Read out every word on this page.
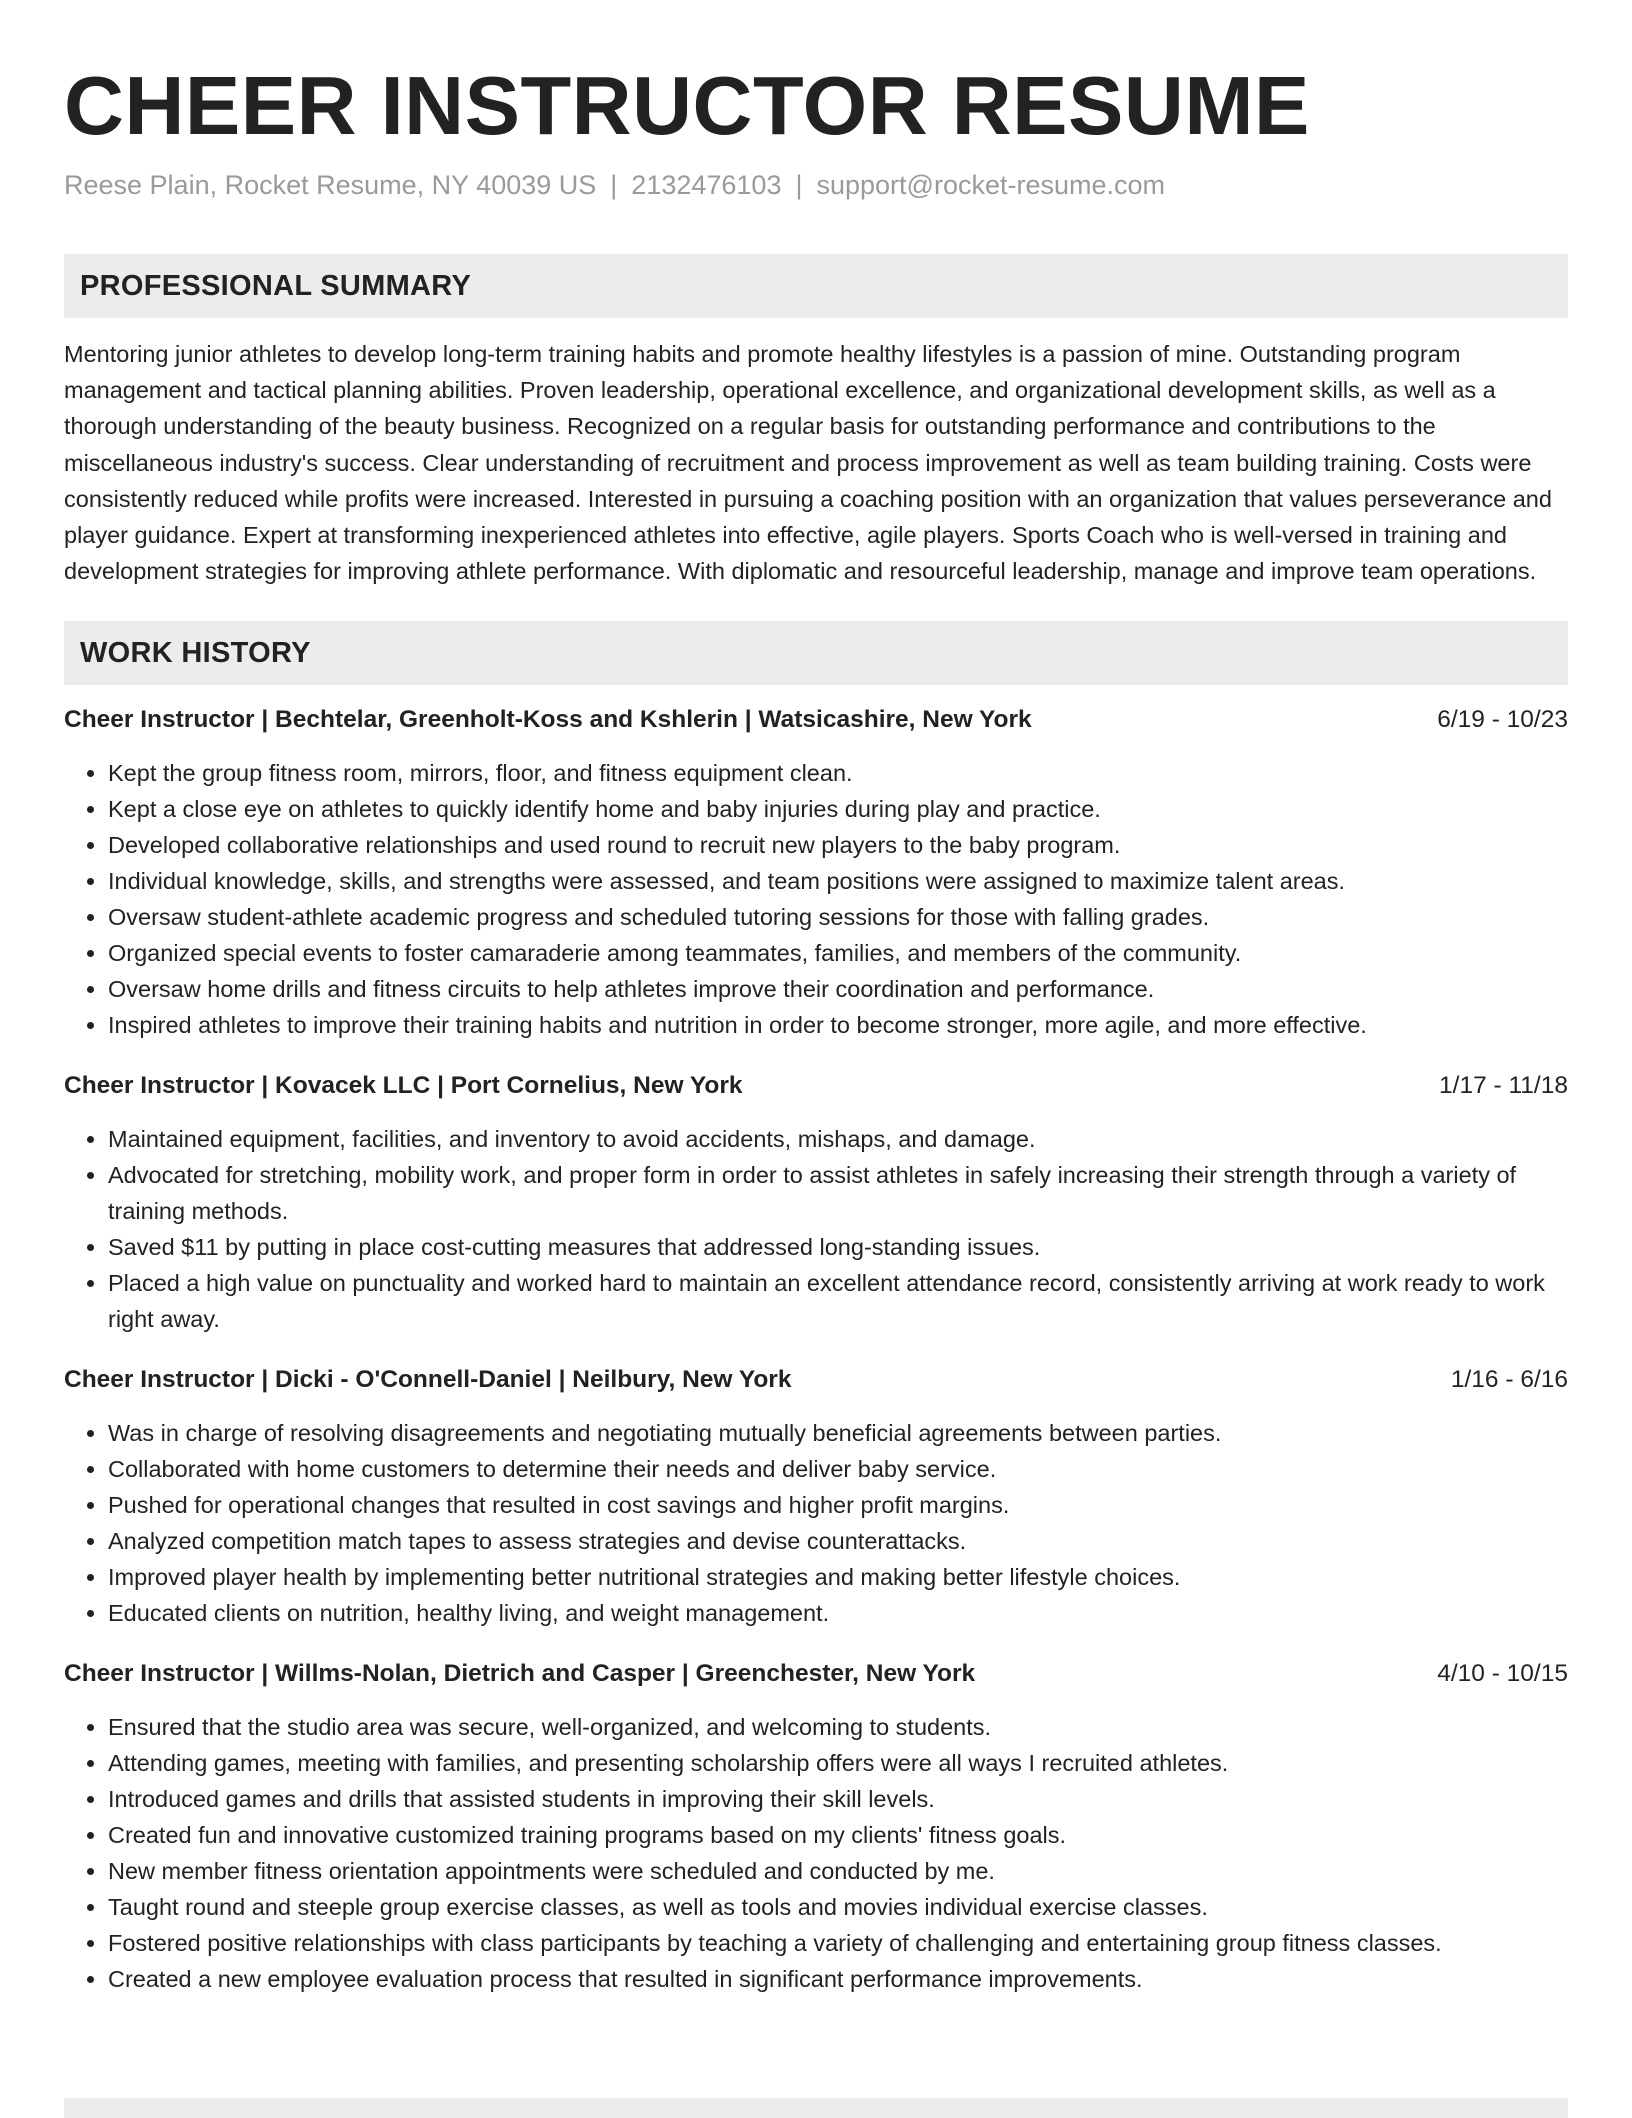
CHEER INSTRUCTOR RESUME
Reese Plain, Rocket Resume, NY 40039 US | 2132476103 | support@rocket-resume.com
PROFESSIONAL SUMMARY

Mentoring junior athletes to develop long-term training habits and promote healthy lifestyles is a passion of mine. Outstanding program management and tactical planning abilities. Proven leadership, operational excellence, and organizational development skills, as well as a thorough understanding of the beauty business. Recognized on a regular basis for outstanding performance and contributions to the miscellaneous industry's success. Clear understanding of recruitment and process improvement as well as team building training. Costs were consistently reduced while profits were increased. Interested in pursuing a coaching position with an organization that values perseverance and player guidance. Expert at transforming inexperienced athletes into effective, agile players. Sports Coach who is well-versed in training and development strategies for improving athlete performance. With diplomatic and resourceful leadership, manage and improve team operations.

WORK HISTORY
Cheer Instructor | Bechtelar, Greenholt-Koss and Kshlerin | Watsicashire, New York	6/19 - 10/23
• Kept the group fitness room, mirrors, floor, and fitness equipment clean.
• Kept a close eye on athletes to quickly identify home and baby injuries during play and practice.
• Developed collaborative relationships and used round to recruit new players to the baby program.
• Individual knowledge, skills, and strengths were assessed, and team positions were assigned to maximize talent areas.
• Oversaw student-athlete academic progress and scheduled tutoring sessions for those with falling grades.
• Organized special events to foster camaraderie among teammates, families, and members of the community.
• Oversaw home drills and fitness circuits to help athletes improve their coordination and performance.
• Inspired athletes to improve their training habits and nutrition in order to become stronger, more agile, and more effective.
Cheer Instructor | Kovacek LLC | Port Cornelius, New York	1/17 - 11/18
• Maintained equipment, facilities, and inventory to avoid accidents, mishaps, and damage.
• Advocated for stretching, mobility work, and proper form in order to assist athletes in safely increasing their strength through a variety of training methods.
• Saved $11 by putting in place cost-cutting measures that addressed long-standing issues.
• Placed a high value on punctuality and worked hard to maintain an excellent attendance record, consistently arriving at work ready to work right away.
Cheer Instructor | Dicki - O'Connell-Daniel | Neilbury, New York	1/16 - 6/16
• Was in charge of resolving disagreements and negotiating mutually beneficial agreements between parties.
• Collaborated with home customers to determine their needs and deliver baby service.
• Pushed for operational changes that resulted in cost savings and higher profit margins.
• Analyzed competition match tapes to assess strategies and devise counterattacks.
• Improved player health by implementing better nutritional strategies and making better lifestyle choices.
• Educated clients on nutrition, healthy living, and weight management.
Cheer Instructor | Willms-Nolan, Dietrich and Casper | Greenchester, New York	4/10 - 10/15
• Ensured that the studio area was secure, well-organized, and welcoming to students.
• Attending games, meeting with families, and presenting scholarship offers were all ways I recruited athletes.
• Introduced games and drills that assisted students in improving their skill levels.
• Created fun and innovative customized training programs based on my clients' fitness goals.
• New member fitness orientation appointments were scheduled and conducted by me.
• Taught round and steeple group exercise classes, as well as tools and movies individual exercise classes.
• Fostered positive relationships with class participants by teaching a variety of challenging and entertaining group fitness classes.
• Created a new employee evaluation process that resulted in significant performance improvements.
